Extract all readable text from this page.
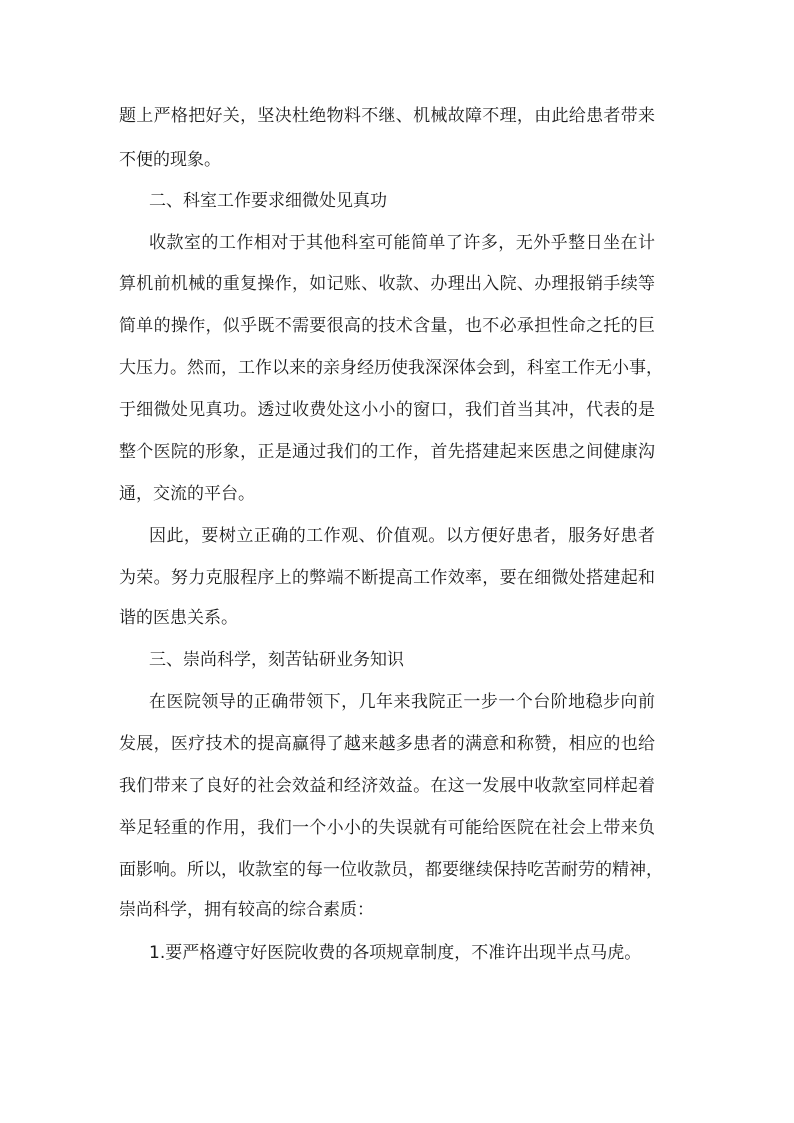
题上严格把好关，坚决杜绝物料不继、机械故障不理，由此给患者带来

不便的现象。

二、科室工作要求细微处见真功

收款室的工作相对于其他科室可能简单了许多，无外乎整日坐在计

算机前机械的重复操作，如记账、收款、办理出入院、办理报销手续等

简单的操作，似乎既不需要很高的技术含量，也不必承担性命之托的巨

大压力。然而，工作以来的亲身经历使我深深体会到，科室工作无小事，

于细微处见真功。透过收费处这小小的窗口，我们首当其冲，代表的是

整个医院的形象，正是通过我们的工作，首先搭建起来医患之间健康沟

通，交流的平台。

因此，要树立正确的工作观、价值观。以方便好患者，服务好患者

为荣。努力克服程序上的弊端不断提高工作效率，要在细微处搭建起和

谐的医患关系。

三、崇尚科学，刻苦钻研业务知识

在医院领导的正确带领下，几年来我院正一步一个台阶地稳步向前

发展，医疗技术的提高赢得了越来越多患者的满意和称赞，相应的也给

我们带来了良好的社会效益和经济效益。在这一发展中收款室同样起着

举足轻重的作用，我们一个小小的失误就有可能给医院在社会上带来负

面影响。所以，收款室的每一位收款员，都要继续保持吃苦耐劳的精神，

崇尚科学，拥有较高的综合素质：

1.要严格遵守好医院收费的各项规章制度，不准许出现半点马虎。
